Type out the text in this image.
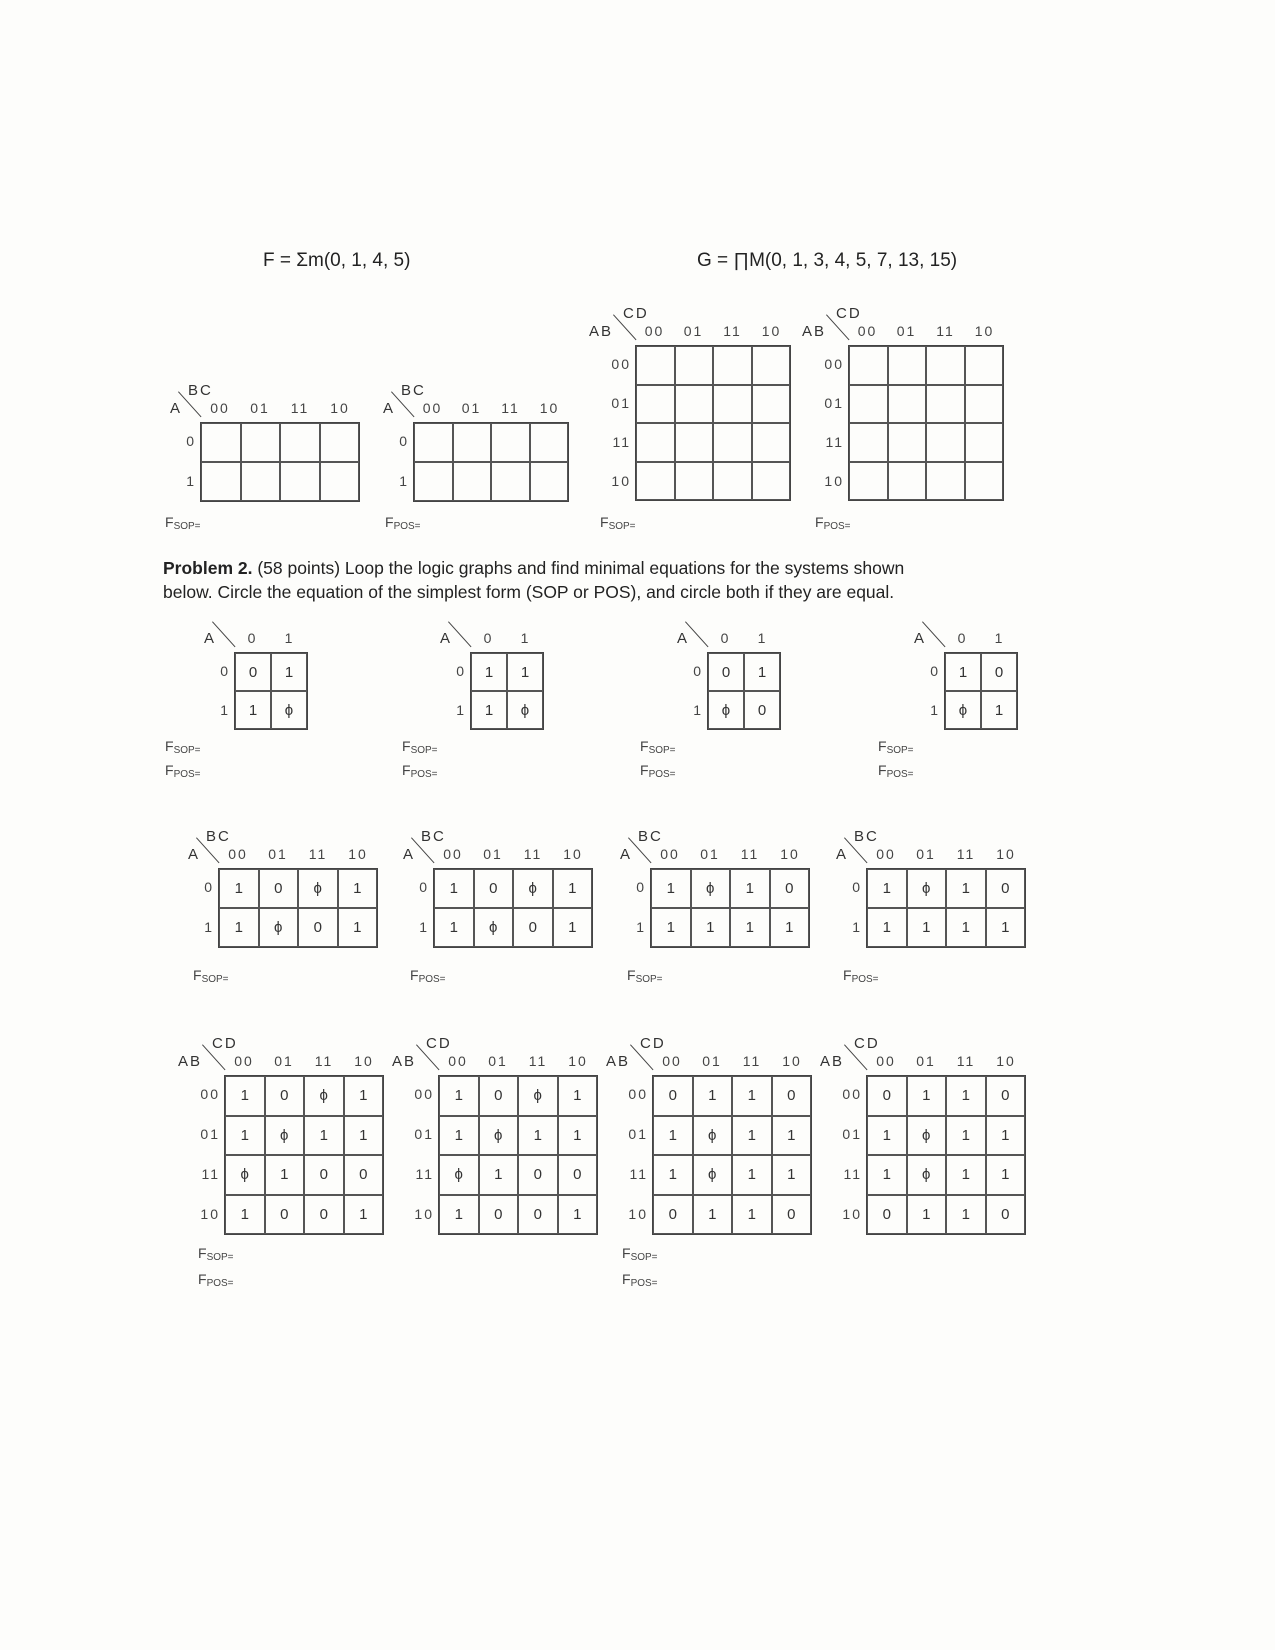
F = Σm(0, 1, 4, 5)	G = ∏M(0, 1, 3, 4, 5, 7, 13, 15)
Problem 2. (58 points) Loop the logic graphs and find minimal equations for the systems shown
below. Circle the equation of the simplest form (SOP or POS), and circle both if they are equal.
$F_{SOP=}$	$F_{POS=}$	$F_{SOP=}$	$F_{POS=}$
$F_{SOP=}$
$F_{POS=}$
$F_{SOP=}$
$F_{POS=}$
$F_{SOP=}$
$F_{POS=}$
$F_{SOP=}$
$F_{POS=}$
$F_{SOP=}$	$F_{POS=}$	$F_{SOP=}$	$F_{POS=}$
$F_{SOP=}$
$F_{POS=}$
$F_{SOP=}$
$F_{POS=}$
00	01	11	10
0
1
A
BC
00	01	11	10
0
1
A
BC
00	01	11	10
00
01
11
10
AB
CD
00	01	11	10
00
01
11
10
AB
CD
0	1
1	ϕ
0	1
0
1
A
1	1
1	ϕ
0	1
0
1
A
0	1
ϕ	0
0	1
0
1
A
1	0
ϕ	1
0	1
0
1
A
1	0	ϕ	1
1	ϕ	0	1
00	01	11	10
0
1
A
BC
1	0	ϕ	1
1	ϕ	0	1
00	01	11	10
0
1
A
BC
1	ϕ	1	0
1	1	1	1
00	01	11	10
0
1
A
BC
1	ϕ	1	0
1	1	1	1
00	01	11	10
0
1
A
BC
1	0	ϕ	1
1	ϕ	1	1
ϕ	1	0	0
1	0	0	1
00	01	11	10
00
01
11
10
AB
CD
1	0	ϕ	1
1	ϕ	1	1
ϕ	1	0	0
1	0	0	1
00	01	11	10
00
01
11
10
AB
CD
0	1	1	0
1	ϕ	1	1
1	ϕ	1	1
0	1	1	0
00	01	11	10
00
01
11
10
AB
CD
0	1	1	0
1	ϕ	1	1
1	ϕ	1	1
0	1	1	0
00	01	11	10
00
01
11
10
AB
CD
